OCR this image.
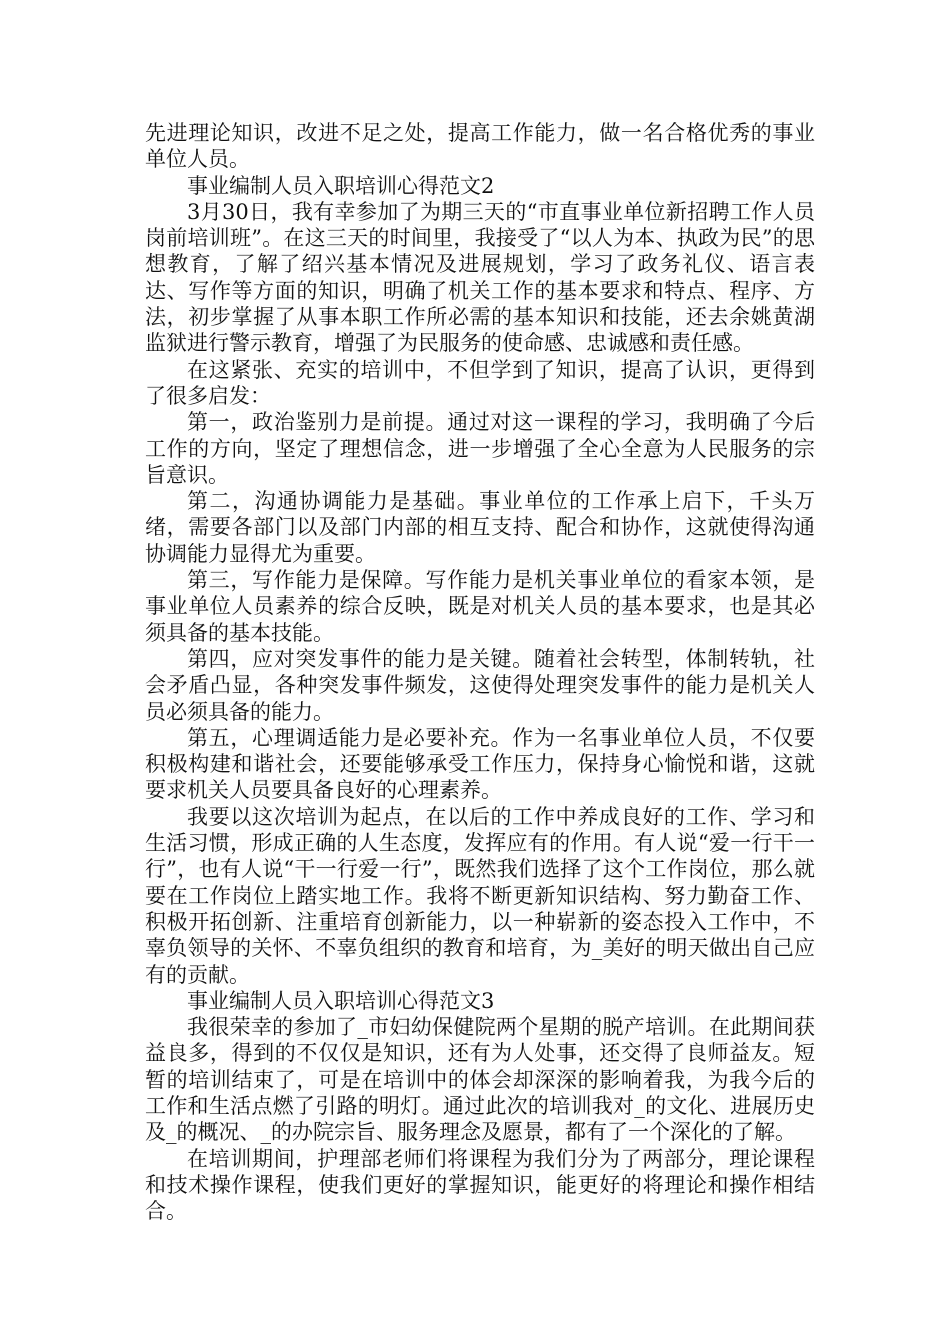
先进理论知识，改进不足之处，提高工作能力，做一名合格优秀的事业单位人员。

事业编制人员入职培训心得范文2

3月30日，我有幸参加了为期三天的“市直事业单位新招聘工作人员岗前培训班”。在这三天的时间里，我接受了“以人为本、执政为民”的思想教育，了解了绍兴基本情况及进展规划，学习了政务礼仪、语言表达、写作等方面的知识，明确了机关工作的基本要求和特点、程序、方法，初步掌握了从事本职工作所必需的基本知识和技能，还去余姚黄湖监狱进行警示教育，增强了为民服务的使命感、忠诚感和责任感。

在这紧张、充实的培训中，不但学到了知识，提高了认识，更得到了很多启发：

第一，政治鉴别力是前提。通过对这一课程的学习，我明确了今后工作的方向，坚定了理想信念，进一步增强了全心全意为人民服务的宗旨意识。

第二，沟通协调能力是基础。事业单位的工作承上启下，千头万绪，需要各部门以及部门内部的相互支持、配合和协作，这就使得沟通协调能力显得尤为重要。

第三，写作能力是保障。写作能力是机关事业单位的看家本领，是事业单位人员素养的综合反映，既是对机关人员的基本要求，也是其必须具备的基本技能。

第四，应对突发事件的能力是关键。随着社会转型，体制转轨，社会矛盾凸显，各种突发事件频发，这使得处理突发事件的能力是机关人员必须具备的能力。

第五，心理调适能力是必要补充。作为一名事业单位人员，不仅要积极构建和谐社会，还要能够承受工作压力，保持身心愉悦和谐，这就要求机关人员要具备良好的心理素养。

我要以这次培训为起点，在以后的工作中养成良好的工作、学习和生活习惯，形成正确的人生态度，发挥应有的作用。有人说“爱一行干一行”，也有人说“干一行爱一行”，既然我们选择了这个工作岗位，那么就要在工作岗位上踏实地工作。我将不断更新知识结构、努力勤奋工作、积极开拓创新、注重培育创新能力，以一种崭新的姿态投入工作中，不辜负领导的关怀、不辜负组织的教育和培育，为_美好的明天做出自己应有的贡献。

事业编制人员入职培训心得范文3

我很荣幸的参加了_市妇幼保健院两个星期的脱产培训。在此期间获益良多，得到的不仅仅是知识，还有为人处事，还交得了良师益友。短暂的培训结束了，可是在培训中的体会却深深的影响着我，为我今后的工作和生活点燃了引路的明灯。通过此次的培训我对_的文化、进展历史及_的概况、_的办院宗旨、服务理念及愿景，都有了一个深化的了解。

在培训期间，护理部老师们将课程为我们分为了两部分，理论课程和技术操作课程，使我们更好的掌握知识，能更好的将理论和操作相结合。
